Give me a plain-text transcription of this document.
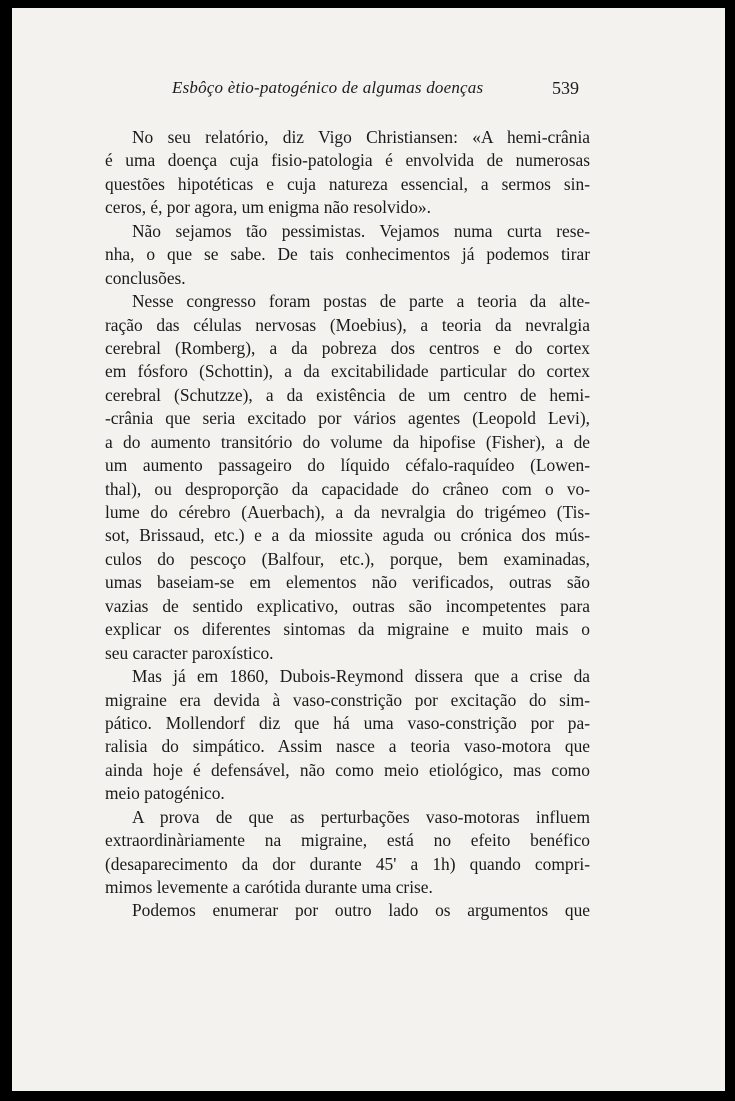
Esbôço ètio-patogénico de algumas doenças	539
No seu relatório, diz Vigo Christiansen: «A hemi-crânia
é uma doença cuja fisio-patologia é envolvida de numerosas
questões hipotéticas e cuja natureza essencial, a sermos sin-
ceros, é, por agora, um enigma não resolvido».
Não sejamos tão pessimistas. Vejamos numa curta rese-
nha, o que se sabe. De tais conhecimentos já podemos tirar
conclusões.
Nesse congresso foram postas de parte a teoria da alte-
ração das células nervosas (Moebius), a teoria da nevralgia
cerebral (Romberg), a da pobreza dos centros e do cortex
em fósforo (Schottin), a da excitabilidade particular do cortex
cerebral (Schutzze), a da existência de um centro de hemi-
-crânia que seria excitado por vários agentes (Leopold Levi),
a do aumento transitório do volume da hipofise (Fisher), a de
um aumento passageiro do líquido céfalo-raquídeo (Lowen-
thal), ou desproporção da capacidade do crâneo com o vo-
lume do cérebro (Auerbach), a da nevralgia do trigémeo (Tis-
sot, Brissaud, etc.) e a da miossite aguda ou crónica dos mús-
culos do pescoço (Balfour, etc.), porque, bem examinadas,
umas baseiam-se em elementos não verificados, outras são
vazias de sentido explicativo, outras são incompetentes para
explicar os diferentes sintomas da migraine e muito mais o
seu caracter paroxístico.
Mas já em 1860, Dubois-Reymond dissera que a crise da
migraine era devida à vaso-constrição por excitação do sim-
pático. Mollendorf diz que há uma vaso-constrição por pa-
ralisia do simpático. Assim nasce a teoria vaso-motora que
ainda hoje é defensável, não como meio etiológico, mas como
meio patogénico.
A prova de que as perturbações vaso-motoras influem
extraordinàriamente na migraine, está no efeito benéfico
(desaparecimento da dor durante 45' a 1h) quando compri-
mimos levemente a carótida durante uma crise.
Podemos enumerar por outro lado os argumentos que
